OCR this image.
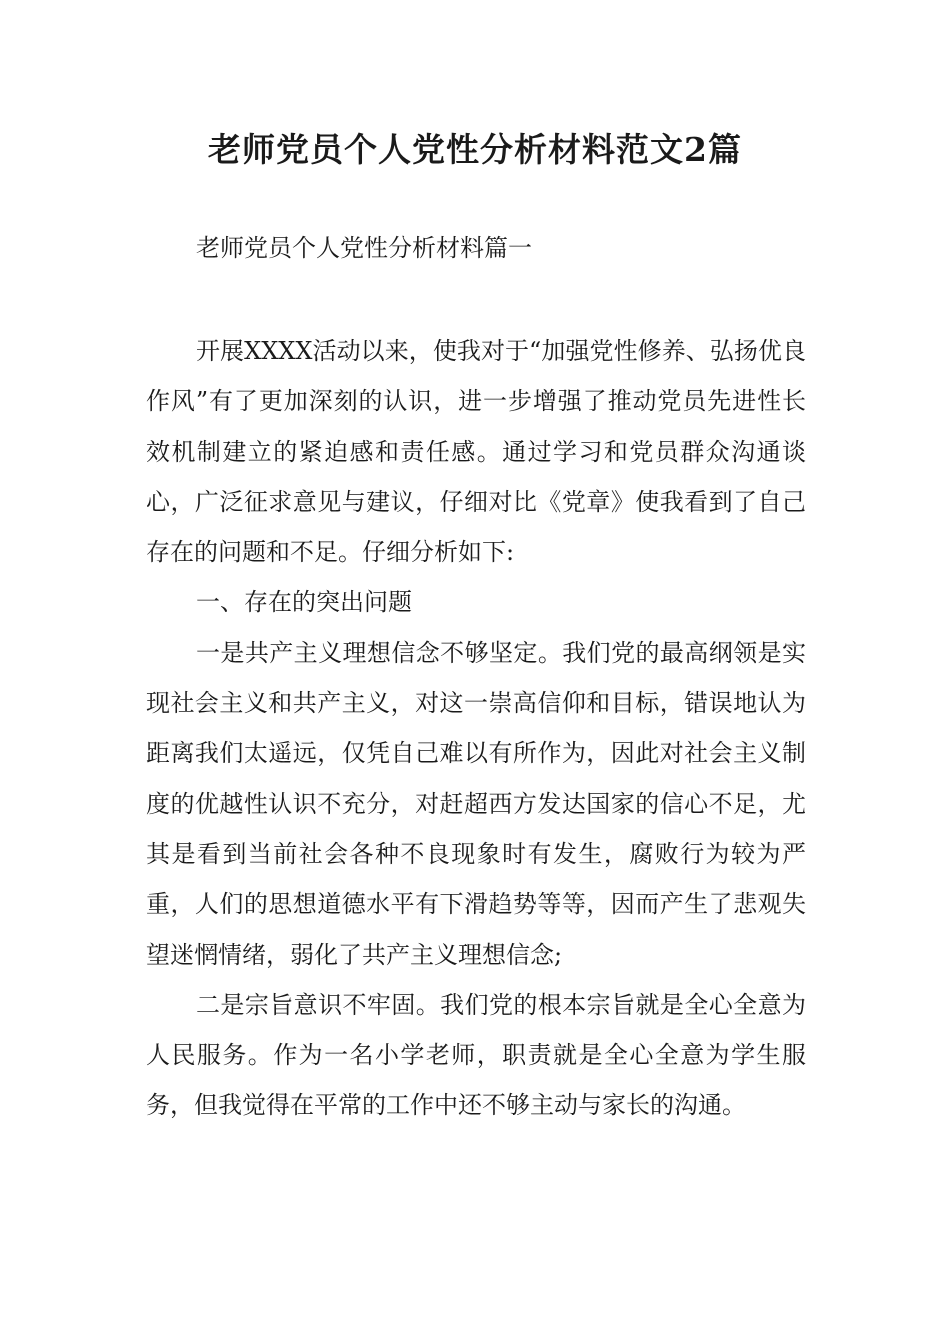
老师党员个人党性分析材料范文2篇
老师党员个人党性分析材料篇一

开展XXXX活动以来，使我对于“加强党性修养、弘扬优良作风”有了更加深刻的认识，进一步增强了推动党员先进性长效机制建立的紧迫感和责任感。通过学习和党员群众沟通谈心，广泛征求意见与建议，仔细对比《党章》使我看到了自己存在的问题和不足。仔细分析如下:

一、存在的突出问题

一是共产主义理想信念不够坚定。我们党的最高纲领是实现社会主义和共产主义，对这一崇高信仰和目标，错误地认为距离我们太遥远，仅凭自己难以有所作为，因此对社会主义制度的优越性认识不充分，对赶超西方发达国家的信心不足，尤其是看到当前社会各种不良现象时有发生，腐败行为较为严重，人们的思想道德水平有下滑趋势等等，因而产生了悲观失望迷惘情绪，弱化了共产主义理想信念;

二是宗旨意识不牢固。我们党的根本宗旨就是全心全意为人民服务。作为一名小学老师，职责就是全心全意为学生服务，但我觉得在平常的工作中还不够主动与家长的沟通。
